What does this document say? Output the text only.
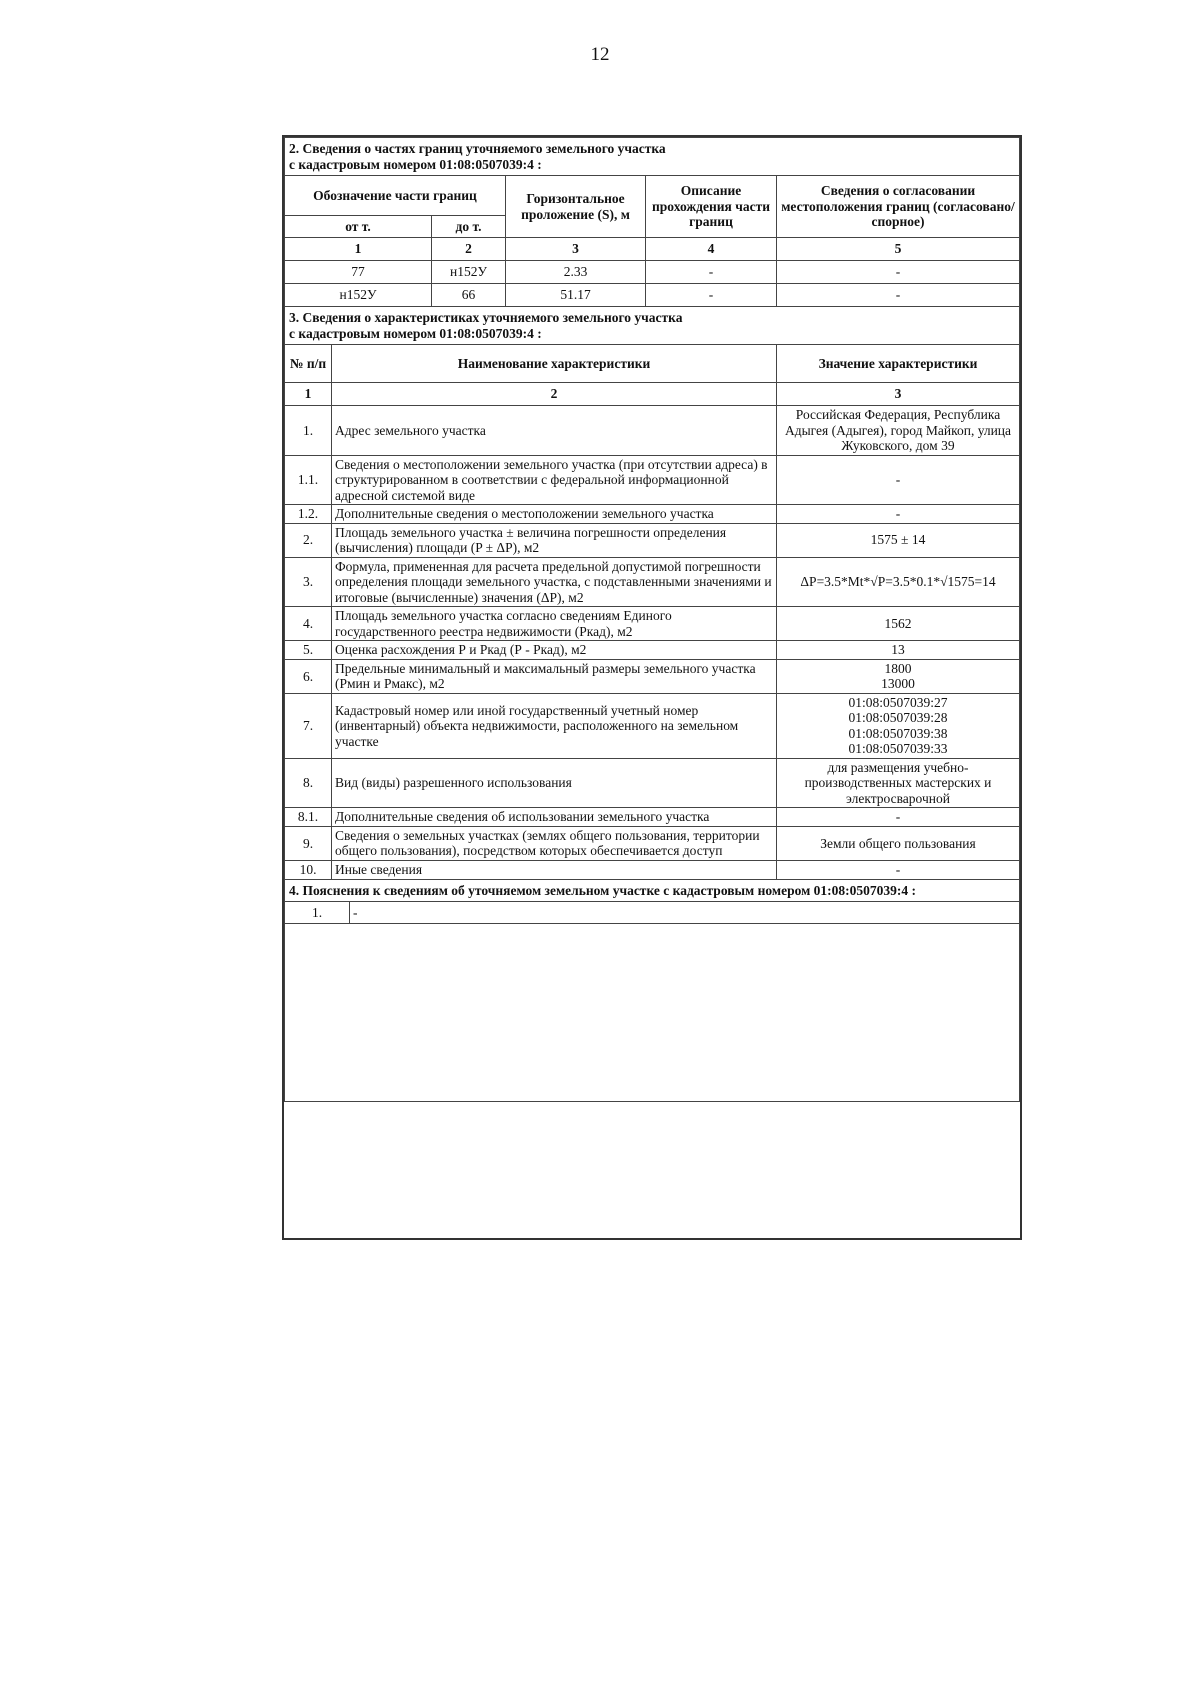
12
2. Сведения о частях границ уточняемого земельного участка
с кадастровым номером 01:08:0507039:4 :				

Обозначение части границ		Горизонтальное проложение (S), м	Описание прохождения части границ	Сведения о согласовании местоположения границ (согласовано/спорное)
от т.	до т.			
1	2	3	4	5
77	н152У	2.33	-	-
н152У	66	51.17	-	-
3. Сведения о характеристиках уточняемого земельного участка
с кадастровым номером 01:08:0507039:4 :		

№ п/п	Наименование характеристики	Значение характеристики
1	2	3
1.	Адрес земельного участка	Российская Федерация, Республика Адыгея (Адыгея), город Майкоп, улица Жуковского, дом 39

1.1.	Сведения о местоположении земельного участка (при отсутствии адреса) в структурированном в соответствии с федеральной информационной адресной системой виде	-

1.2.	Дополнительные сведения о местоположении земельного участка	-

2.	Площадь земельного участка ± величина погрешности определения (вычисления) площади (P ± ΔP), м2	1575 ± 14

3.	Формула, примененная для расчета предельной допустимой погрешности определения площади земельного участка, с подставленными значениями и итоговые (вычисленные) значения (ΔP), м2	ΔP=3.5*Mt*√P=3.5*0.1*√1575=14

4.	Площадь земельного участка согласно сведениям Единого государственного реестра недвижимости (Ркад), м2	1562

5.	Оценка расхождения Р и Ркад (Р - Ркад), м2	13

6.	Предельные минимальный и максимальный размеры земельного участка (Рмин и Рмакс), м2	1800
13000

7.	Кадастровый номер или иной государственный учетный номер (инвентарный) объекта недвижимости, расположенного на земельном участке	01:08:0507039:27
01:08:0507039:28
01:08:0507039:38
01:08:0507039:33

8.	Вид (виды) разрешенного использования	для размещения учебно-производственных мастерских и электросварочной

8.1.	Дополнительные сведения об использовании земельного участка	-

9.	Сведения о земельных участках (землях общего пользования, территории общего пользования), посредством которых обеспечивается доступ	Земли общего пользования

10.	Иные сведения	-
4. Пояснения к сведениям об уточняемом земельном участке с кадастровым номером 01:08:0507039:4 :
1.	-
